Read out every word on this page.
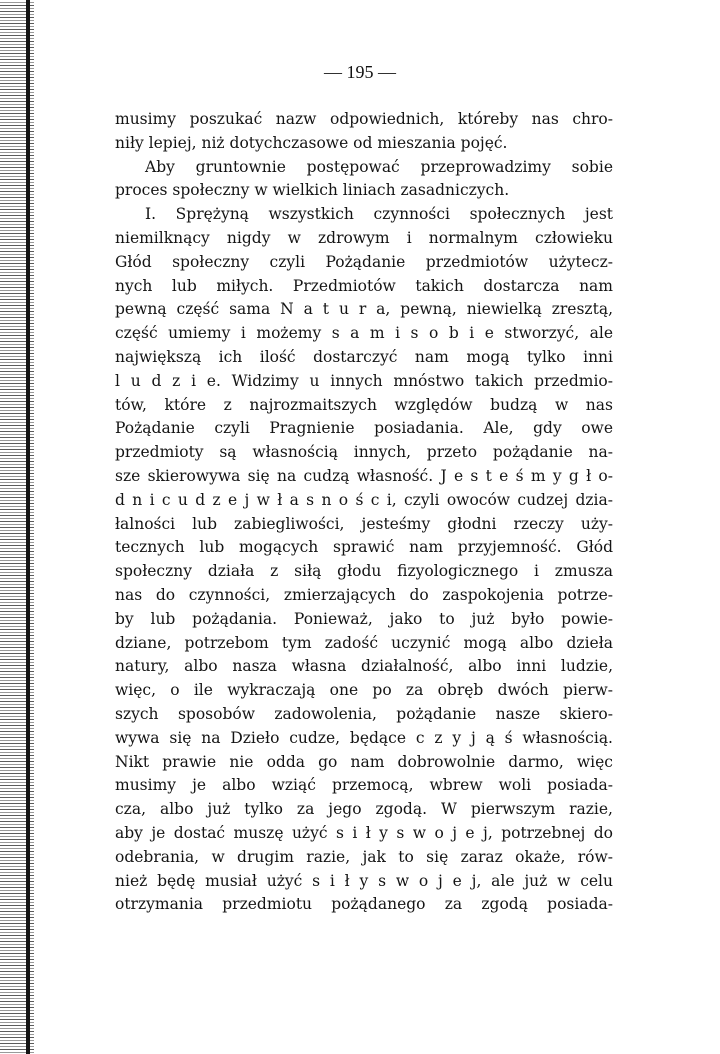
— 195 —
musimy poszukać nazw odpowiednich, któreby nas chro‐
niły lepiej, niż dotychczasowe od mieszania pojęć.
Aby gruntownie postępować przeprowadzimy sobie
proces społeczny w wielkich liniach zasadniczych.
I. Sprężyną wszystkich czynności społecznych jest
niemilknący nigdy w zdrowym i normalnym człowieku
Głód społeczny czyli Pożądanie przedmiotów użytecz‐
nych lub miłych. Przedmiotów takich dostarcza nam
pewną część sama N a t u r a, pewną, niewielką zresztą,
część umiemy i możemy s a m i s o b i e stworzyć, ale
największą ich ilość dostarczyć nam mogą tylko inni
l u d z i e. Widzimy u innych mnóstwo takich przedmio‐
tów, które z najrozmaitszych względów budzą w nas
Pożądanie czyli Pragnienie posiadania. Ale, gdy owe
przedmioty są własnością innych, przeto pożądanie na‐
sze skierowywa się na cudzą własność. J e s t e ś m y g ł o‐
d n i c u d z e j w ł a s n o ś c i, czyli owoców cudzej dzia‐
łalności lub zabiegliwości, jesteśmy głodni rzeczy uży‐
tecznych lub mogących sprawić nam przyjemność. Głód
społeczny działa z siłą głodu fizyologicznego i zmusza
nas do czynności, zmierzających do zaspokojenia potrze‐
by lub pożądania. Ponieważ, jako to już było powie‐
dziane, potrzebom tym zadość uczynić mogą albo dzieła
natury, albo nasza własna działalność, albo inni ludzie,
więc, o ile wykraczają one po za obręb dwóch pierw‐
szych sposobów zadowolenia, pożądanie nasze skiero‐
wywa się na Dzieło cudze, będące c z y j ą ś własnością.
Nikt prawie nie odda go nam dobrowolnie darmo, więc
musimy je albo wziąć przemocą, wbrew woli posiada‐
cza, albo już tylko za jego zgodą. W pierwszym razie,
aby je dostać muszę użyć s i ł y s w o j e j, potrzebnej do
odebrania, w drugim razie, jak to się zaraz okaże, rów‐
nież będę musiał użyć s i ł y s w o j e j, ale już w celu
otrzymania przedmiotu pożądanego za zgodą posiada‐
